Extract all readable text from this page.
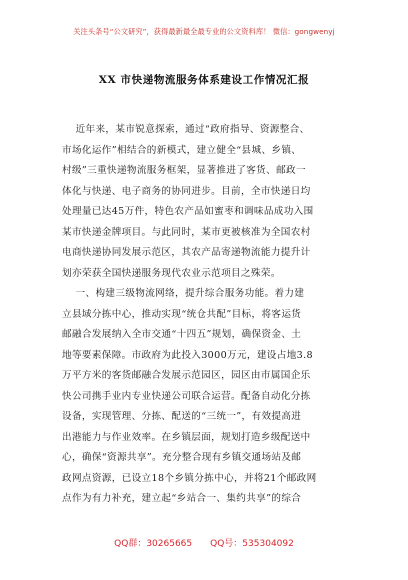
关注头条号“公文研究”，获得最新最全最专业的公文资料库！ 微信：gongwenyj
XX 市快递物流服务体系建设工作情况汇报
近年来，某市锐意探索，通过“政府指导、资源整合、
市场化运作”相结合的新模式，建立健全“县城、乡镇、
村级”三重快递物流服务框架，显著推进了客货、邮政一
体化与快递、电子商务的协同进步。目前，全市快递日均
处理量已达45万件，特色农产品如蜜枣和调味品成功入围
某市快递金牌项目。与此同时，某市更被核准为全国农村
电商快递协同发展示范区，其农产品寄递物流能力提升计
划亦荣获全国快递服务现代农业示范项目之殊荣。
一、构建三级物流网络，提升综合服务功能。着力建
立县域分拣中心，推动实现“统仓共配”目标，将客运货
邮融合发展纳入全市交通“十四五”规划，确保资金、土
地等要素保障。市政府为此投入3000万元，建设占地3.8
万平方米的客货邮融合发展示范园区，园区由市属国企乐
快公司携手业内专业快递公司联合运营。配备自动化分拣
设备，实现管理、分拣、配送的“三统一”，有效提高进
出港能力与作业效率。在乡镇层面，规划打造乡级配送中
心，确保“资源共享”。充分整合现有乡镇交通场站及邮
政网点资源，已设立18个乡镇分拣中心，并将21个邮政网
点作为有力补充，建立起“乡站合一、集约共享”的综合
QQ群：30265665 QQ号：535304092
